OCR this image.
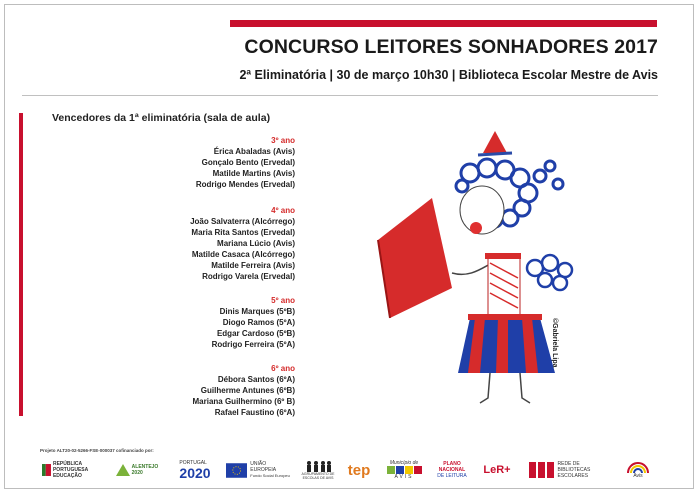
CONCURSO LEITORES SONHADORES 2017

2ª Eliminatória | 30 de março 10h30 | Biblioteca Escolar Mestre de Avis

Vencedores da 1ª eliminatória (sala de aula)
3º ano
Érica Abaladas (Avis)
Gonçalo Bento (Ervedal)
Matilde Martins (Avis)
Rodrigo Mendes (Ervedal)
4º ano
João Salvaterra (Alcórrego)
Maria Rita Santos (Ervedal)
Mariana Lúcio (Avis)
Matilde Casaca (Alcórrego)
Matilde Ferreira (Avis)
Rodrigo Varela (Ervedal)
5º ano
Dinis Marques (5ºB)
Diogo Ramos (5ºA)
Edgar Cardoso (5ºB)
Rodrigo Ferreira (5ºA)
6º ano
Débora Santos (6ºA)
Guilherme Antunes (6ºB)
Mariana Guilhermino (6º B)
Rafael Faustino (6ºA)
©Gabriela Lipa
Projeto ALT20-02-5266-FSE-000037 cofinanciado por:
REPÚBLICA PORTUGUESA
EDUCAÇÃO
ALENTEJO
2020
PORTUGAL
2020
UNIÃO EUROPEIA
Fundo Social Europeu	AGRUPAMENTO DE ESCOLAS DE AVIS tep	Município de
AVIS
PLANO NACIONAL
DE LEITURA LeR+	REDE DE BIBLIOTECAS ESCOLARES	Avis
